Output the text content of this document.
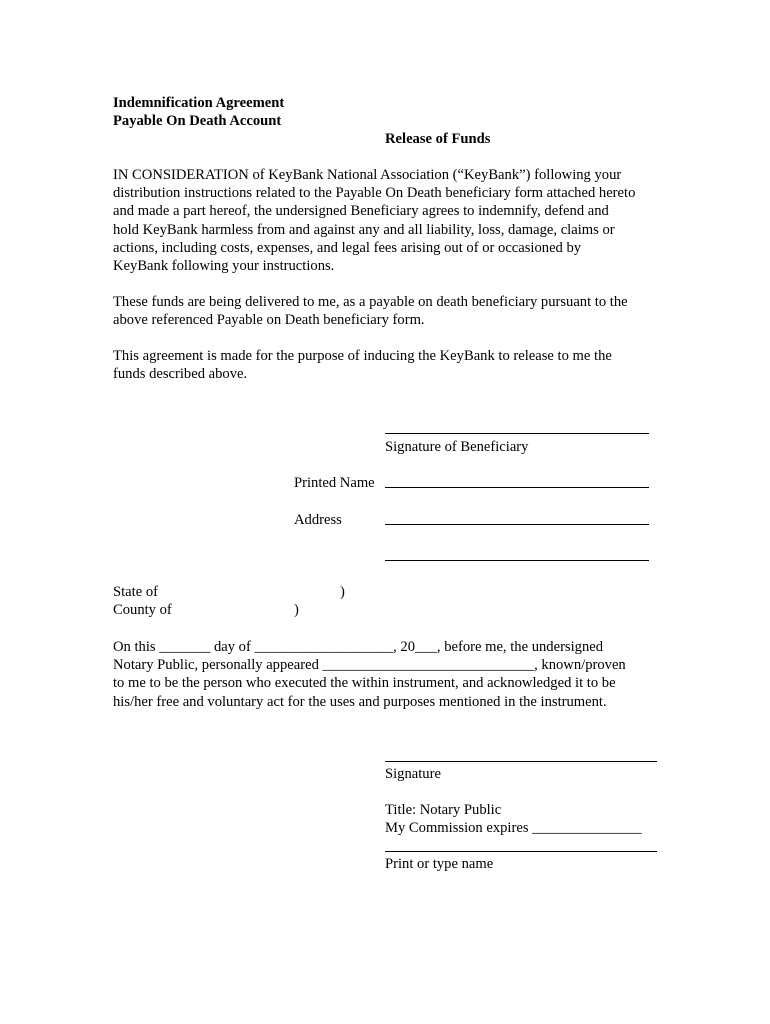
Indemnification Agreement
Payable On Death Account
Release of Funds
IN CONSIDERATION of KeyBank National Association (“KeyBank”) following your
distribution instructions related to the Payable On Death beneficiary form attached hereto
and made a part hereof, the undersigned Beneficiary agrees to indemnify, defend and
hold KeyBank harmless from and against any and all liability, loss, damage, claims or
actions, including costs, expenses, and legal fees arising out of or occasioned by
KeyBank following your instructions.
These funds are being delivered to me, as a payable on death beneficiary pursuant to the
above referenced Payable on Death beneficiary form.
This agreement is made for the purpose of inducing the KeyBank to release to me the
funds described above.
Signature of Beneficiary
Printed Name
Address
State of	)
County of	)
On this _______ day of ___________________, 20___, before me, the undersigned
Notary Public, personally appeared _____________________________, known/proven
to me to be the person who executed the within instrument, and acknowledged it to be
his/her free and voluntary act for the uses and purposes mentioned in the instrument.
Signature
Title: Notary Public
My Commission expires _______________
Print or type name
